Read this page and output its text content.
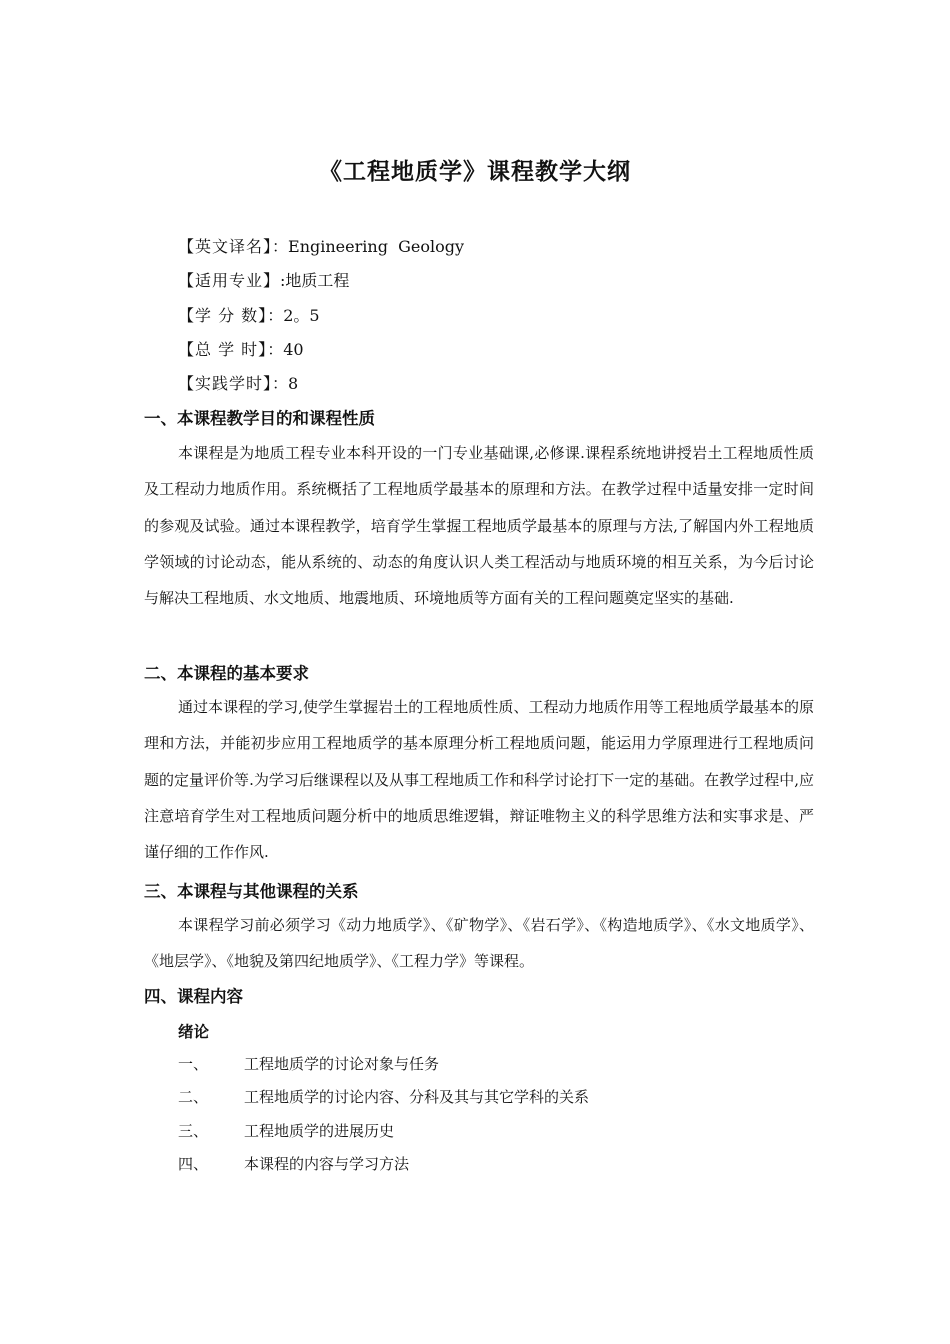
《工程地质学》课程教学大纲
【英文译名】：Engineering  Geology
【适用专业】:地质工程
【学 分 数】：2。5
【总 学 时】：40
【实践学时】：8
一、本课程教学目的和课程性质
本课程是为地质工程专业本科开设的一门专业基础课,必修课.课程系统地讲授岩土工程地质性质及工程动力地质作用。系统概括了工程地质学最基本的原理和方法。在教学过程中适量安排一定时间的参观及试验。通过本课程教学，培育学生掌握工程地质学最基本的原理与方法,了解国内外工程地质学领域的讨论动态，能从系统的、动态的角度认识人类工程活动与地质环境的相互关系，为今后讨论与解决工程地质、水文地质、地震地质、环境地质等方面有关的工程问题奠定坚实的基础.
二、本课程的基本要求
通过本课程的学习,使学生掌握岩土的工程地质性质、工程动力地质作用等工程地质学最基本的原理和方法，并能初步应用工程地质学的基本原理分析工程地质问题，能运用力学原理进行工程地质问题的定量评价等.为学习后继课程以及从事工程地质工作和科学讨论打下一定的基础。在教学过程中,应注意培育学生对工程地质问题分析中的地质思维逻辑，辩证唯物主义的科学思维方法和实事求是、严谨仔细的工作作风.
三、本课程与其他课程的关系
本课程学习前必须学习《动力地质学》、《矿物学》、《岩石学》、《构造地质学》、《水文地质学》、《地层学》、《地貌及第四纪地质学》、《工程力学》等课程。
四、课程内容
绪论
一、 工程地质学的讨论对象与任务
二、 工程地质学的讨论内容、分科及其与其它学科的关系
三、 工程地质学的进展历史
四、 本课程的内容与学习方法
